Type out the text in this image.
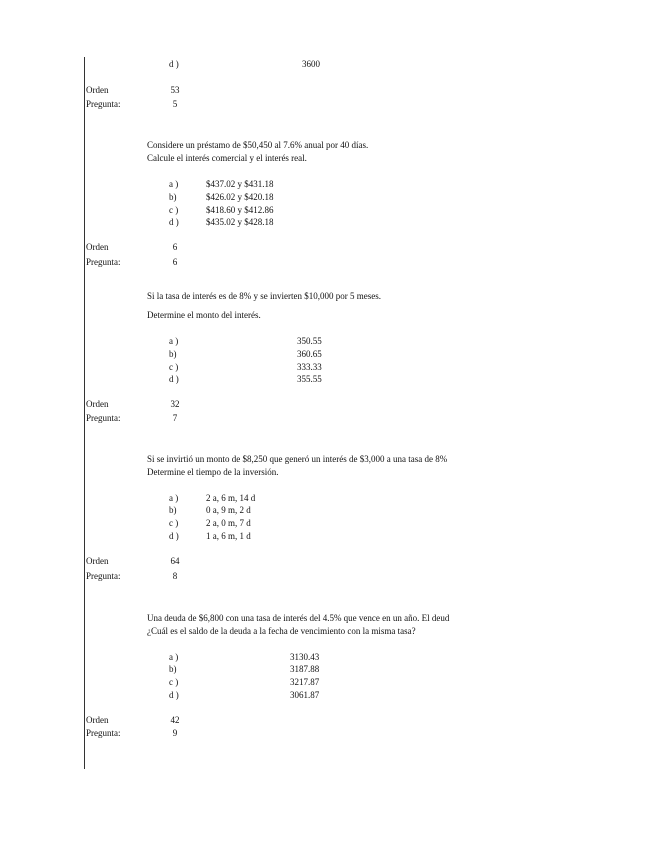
d )	3600
Orden	53
Pregunta:	5
Considere un préstamo de $50,450 al 7.6% anual por 40 días.
Calcule el interés comercial y el interés real.
a )	$437.02 y $431.18
b)	$426.02 y $420.18
c )	$418.60 y $412.86
d )	$435.02 y $428.18
Orden	6
Pregunta:	6
Si la tasa de interés es de 8% y se invierten $10,000 por 5 meses.
Determine el monto del interés.
a )	350.55
b)	360.65
c )	333.33
d )	355.55
Orden	32
Pregunta:	7
Si se invirtió un monto de $8,250 que generó un interés de $3,000 a una tasa de 8%
Determine el tiempo de la inversión.
a )	2 a, 6 m, 14 d
b)	0 a, 9 m, 2 d
c )	2 a, 0 m, 7 d
d )	1 a, 6 m, 1 d
Orden	64
Pregunta:	8
Una deuda de $6,800 con una tasa de interés del 4.5% que vence en un año. El deud
¿Cuál es el saldo de la deuda a la fecha de vencimiento con la misma tasa?
a )	3130.43
b)	3187.88
c )	3217.87
d )	3061.87
Orden	42
Pregunta:	9
